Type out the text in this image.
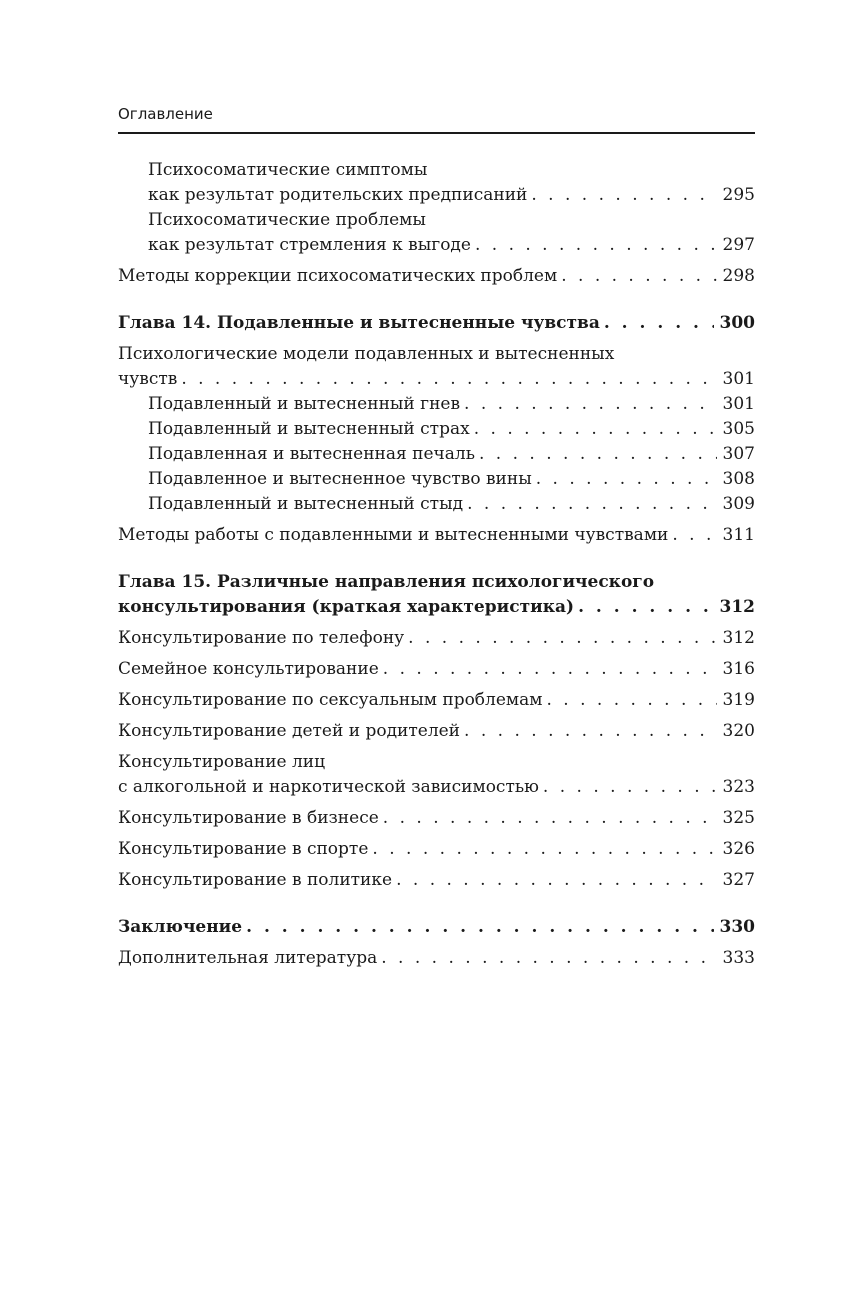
Оглавление
Психосоматические симптомы
как результат родительских предписаний . . .	295
Психосоматические проблемы
как результат стремления к выгоде . . .	297
Методы коррекции психосоматических проблем . . .	298
Глава 14. Подавленные и вытесненные чувства . . .	300
Психологические модели подавленных и вытесненных
чувств . . .	301
Подавленный и вытесненный гнев . . .	301
Подавленный и вытесненный страх . . .	305
Подавленная и вытесненная печаль . . .	307
Подавленное и вытесненное чувство вины . . .	308
Подавленный и вытесненный стыд . . .	309
Методы работы с подавленными и вытесненными чувствами . . .	311
Глава 15. Различные направления психологического
консультирования (краткая характеристика) . . .	312
Консультирование по телефону . . .	312
Семейное консультирование . . .	316
Консультирование по сексуальным проблемам . . .	319
Консультирование детей и родителей . . .	320
Консультирование лиц
с алкогольной и наркотической зависимостью . . .	323
Консультирование в бизнесе . . .	325
Консультирование в спорте . . .	326
Консультирование в политике . . .	327
Заключение . . .	330
Дополнительная литература . . .	333
